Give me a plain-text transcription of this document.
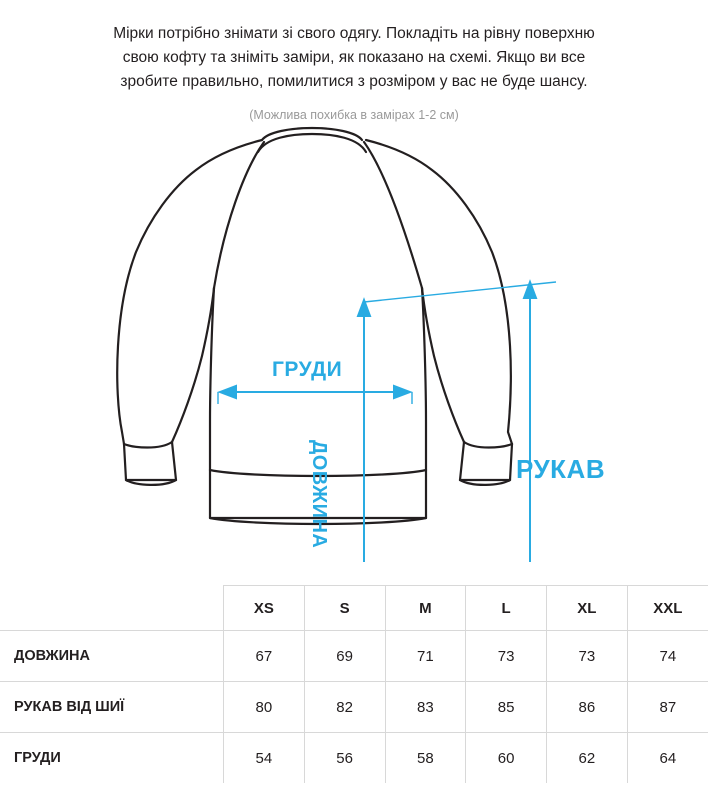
Мірки потрібно знімати зі свого одягу. Покладіть на рівну поверхню
свою кофту та зніміть заміри, як показано на схемі. Якщо ви все
зробите правильно, помилитися з розміром у вас не буде шансу.
(Можлива похибка в замірах 1-2 см)
ГРУДИ
ДОВЖИНА	РУКАВ
	XS	S	M	L	XL	XXL
ДОВЖИНА	67	69	71	73	73	74
РУКАВ ВІД ШИЇ	80	82	83	85	86	87
ГРУДИ	54	56	58	60	62	64
